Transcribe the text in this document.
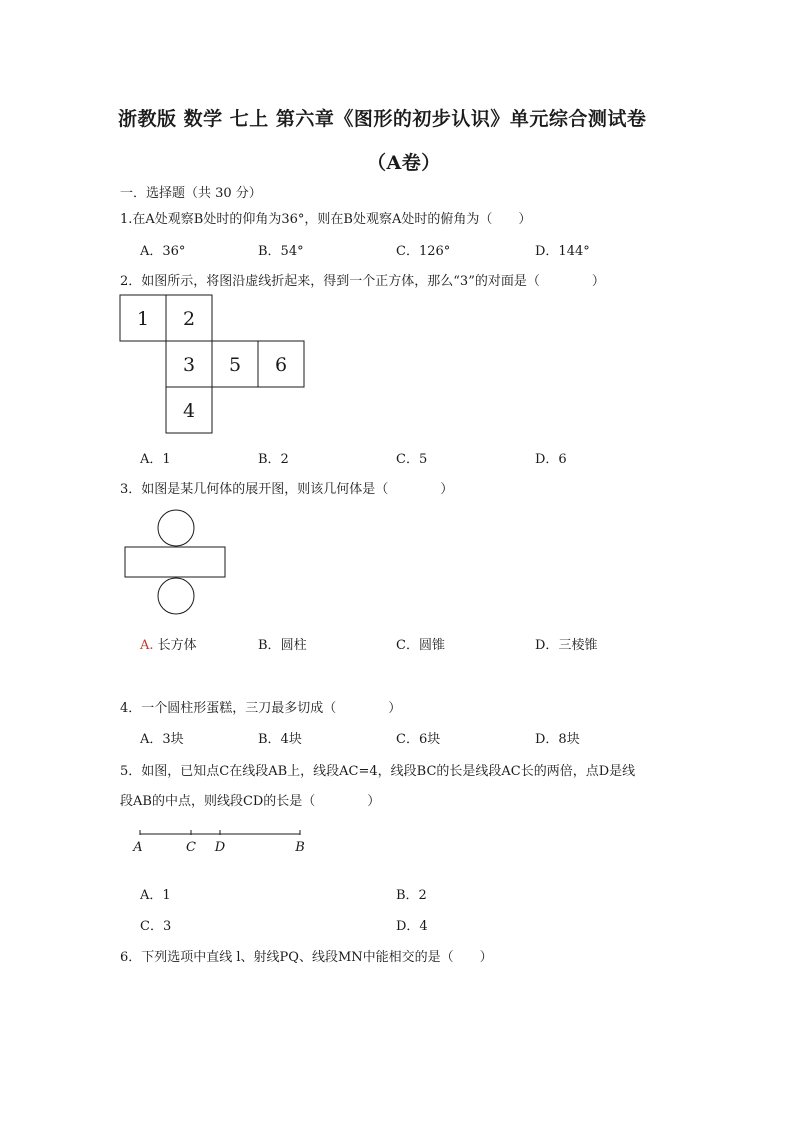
浙教版 数学 七上 第六章《图形的初步认识》单元综合测试卷
（A卷）
一．选择题（共 30 分）
1.在A处观察B处时的仰角为36°，则在B处观察A处时的俯角为（　　）
A．36°	B．54°	C．126°	D．144°
2．如图所示，将图沿虚线折起来，得到一个正方体，那么“3”的对面是（　　　　）
1 2
3 5 6
4
A．1	B．2	C．5	D．6
3．如图是某几何体的展开图，则该几何体是（　　　　）
A. 长方体	B．圆柱	C．圆锥	D．三棱锥
4．一个圆柱形蛋糕，三刀最多切成（　　　　）
A．3块	B．4块	C．6块	D．8块
5．如图，已知点C在线段AB上，线段AC=4，线段BC的长是线段AC长的两倍，点D是线
段AB的中点，则线段CD的长是（　　　　）
A	C D	B
A．1	B．2
C．3	D．4
6．下列选项中直线 l、射线PQ、线段MN中能相交的是（　　）
